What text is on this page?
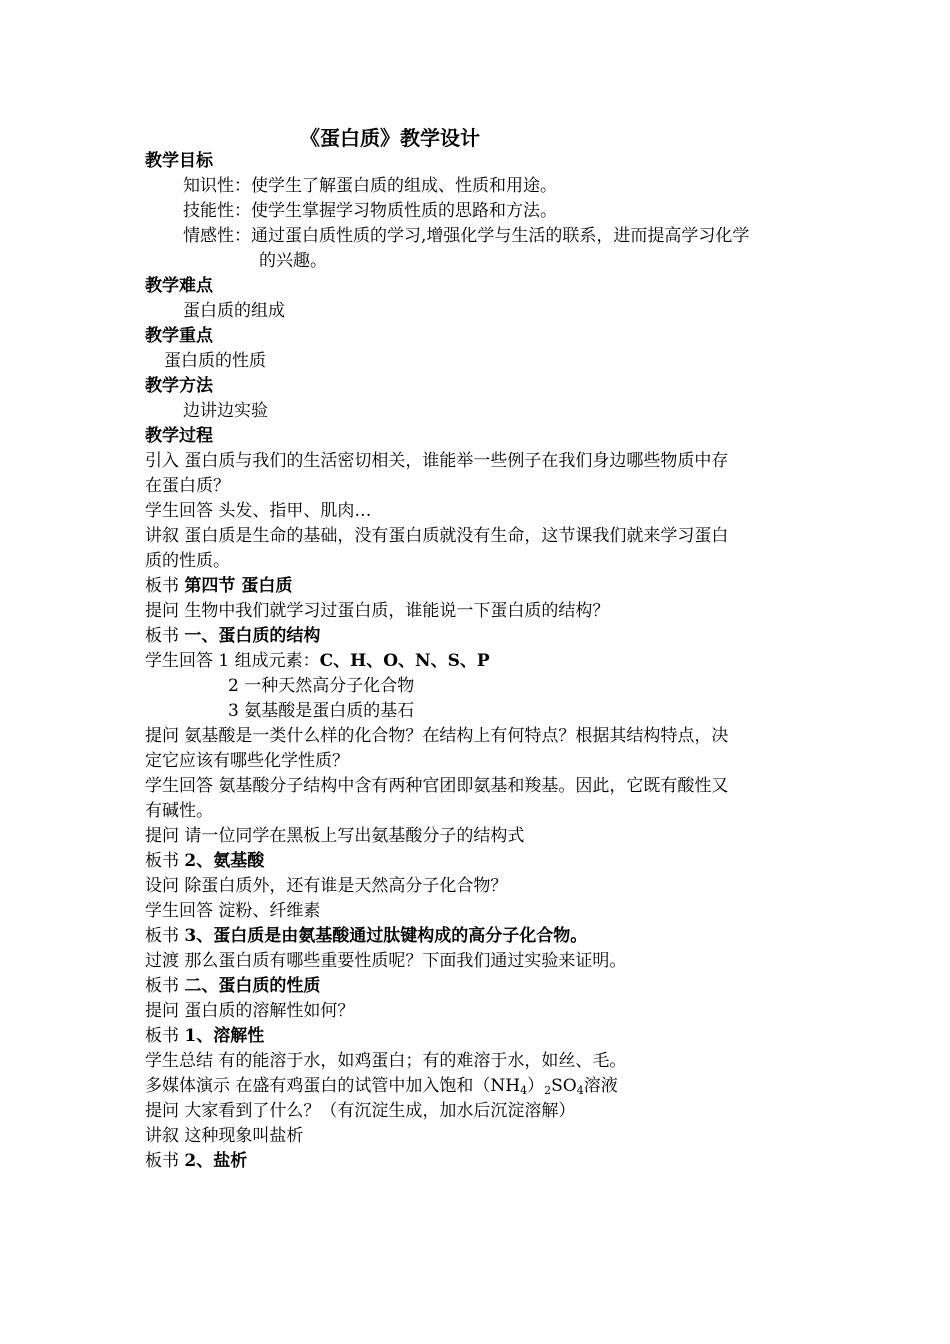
《蛋白质》教学设计
教学目标
知识性：使学生了解蛋白质的组成、性质和用途。
技能性：使学生掌握学习物质性质的思路和方法。
情感性：通过蛋白质性质的学习,增强化学与生活的联系，进而提高学习化学
的兴趣。
教学难点
蛋白质的组成
教学重点
蛋白质的性质
教学方法
边讲边实验
教学过程
引入 蛋白质与我们的生活密切相关，谁能举一些例子在我们身边哪些物质中存
在蛋白质？
学生回答 头发、指甲、肌肉…
讲叙 蛋白质是生命的基础，没有蛋白质就没有生命，这节课我们就来学习蛋白
质的性质。
板书 第四节 蛋白质
提问 生物中我们就学习过蛋白质，谁能说一下蛋白质的结构？
板书 一、蛋白质的结构
学生回答 1 组成元素：C、H、O、N、S、P
2 一种天然高分子化合物
3 氨基酸是蛋白质的基石
提问 氨基酸是一类什么样的化合物？在结构上有何特点？根据其结构特点，决
定它应该有哪些化学性质？
学生回答 氨基酸分子结构中含有两种官团即氨基和羧基。因此，它既有酸性又
有碱性。
提问 请一位同学在黑板上写出氨基酸分子的结构式
板书 2、氨基酸
设问 除蛋白质外，还有谁是天然高分子化合物？
学生回答 淀粉、纤维素
板书 3、蛋白质是由氨基酸通过肽键构成的高分子化合物。
过渡 那么蛋白质有哪些重要性质呢？下面我们通过实验来证明。
板书 二、蛋白质的性质
提问 蛋白质的溶解性如何？
板书 1、溶解性
学生总结 有的能溶于水，如鸡蛋白；有的难溶于水，如丝、毛。
多媒体演示 在盛有鸡蛋白的试管中加入饱和$(NH_4)_2SO_4$溶液
提问 大家看到了什么？（有沉淀生成，加水后沉淀溶解）
讲叙 这种现象叫盐析
板书 2、盐析
